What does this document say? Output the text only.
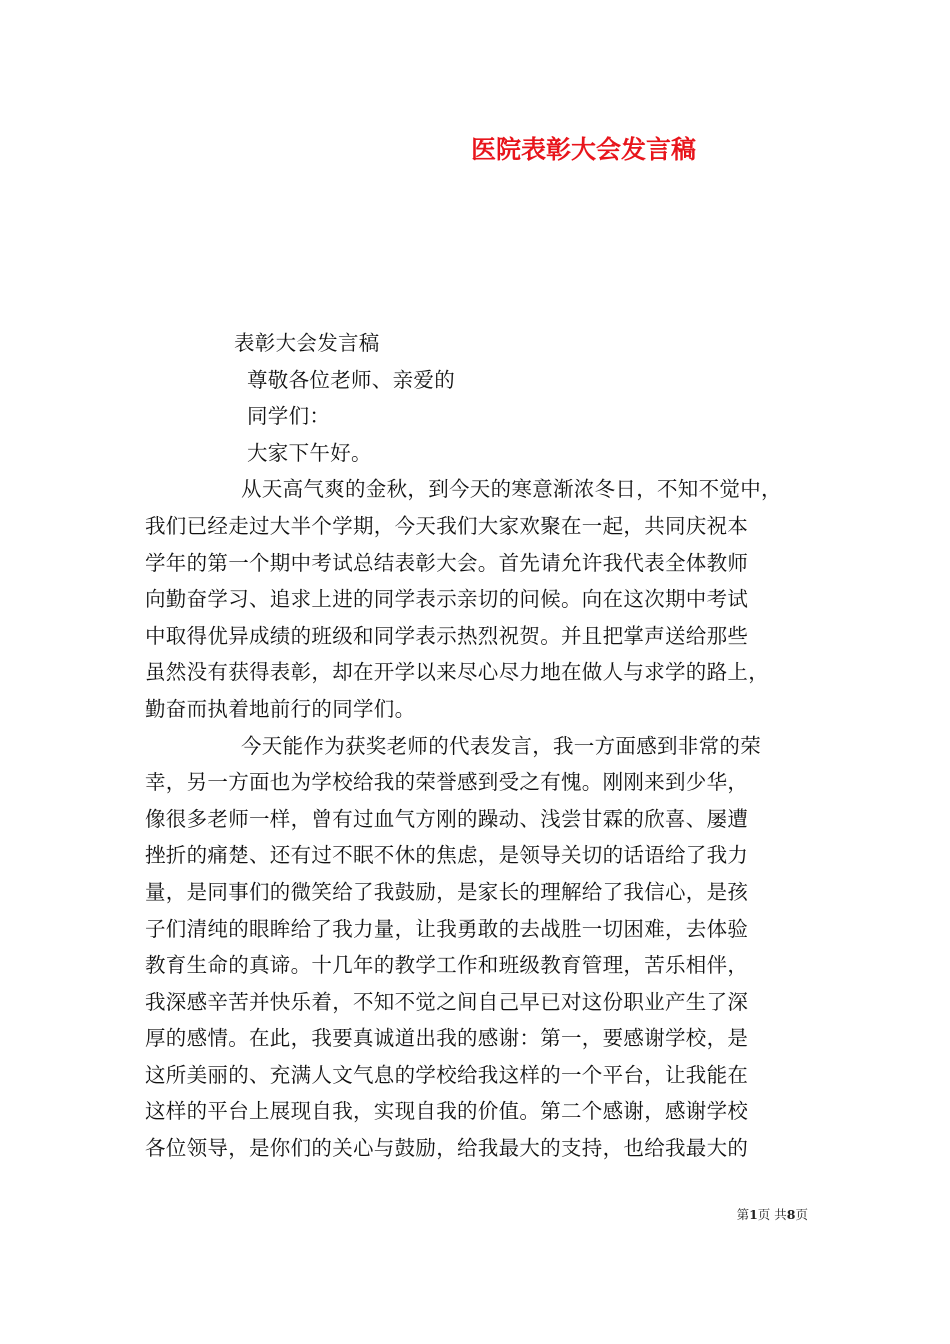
医院表彰大会发言稿

表彰大会发言稿

尊敬各位老师、亲爱的

同学们：

大家下午好。

从天高气爽的金秋，到今天的寒意渐浓冬日，不知不觉中，

我们已经走过大半个学期，今天我们大家欢聚在一起，共同庆祝本

学年的第一个期中考试总结表彰大会。首先请允许我代表全体教师

向勤奋学习、追求上进的同学表示亲切的问候。向在这次期中考试

中取得优异成绩的班级和同学表示热烈祝贺。并且把掌声送给那些

虽然没有获得表彰，却在开学以来尽心尽力地在做人与求学的路上，

勤奋而执着地前行的同学们。

今天能作为获奖老师的代表发言，我一方面感到非常的荣

幸，另一方面也为学校给我的荣誉感到受之有愧。刚刚来到少华，

像很多老师一样，曾有过血气方刚的躁动、浅尝甘霖的欣喜、屡遭

挫折的痛楚、还有过不眠不休的焦虑，是领导关切的话语给了我力

量，是同事们的微笑给了我鼓励，是家长的理解给了我信心，是孩

子们清纯的眼眸给了我力量，让我勇敢的去战胜一切困难，去体验

教育生命的真谛。十几年的教学工作和班级教育管理，苦乐相伴，

我深感辛苦并快乐着，不知不觉之间自己早已对这份职业产生了深

厚的感情。在此，我要真诚道出我的感谢：第一，要感谢学校，是

这所美丽的、充满人文气息的学校给我这样的一个平台，让我能在

这样的平台上展现自我，实现自我的价值。第二个感谢，感谢学校

各位领导，是你们的关心与鼓励，给我最大的支持，也给我最大的

第1页 共8页
